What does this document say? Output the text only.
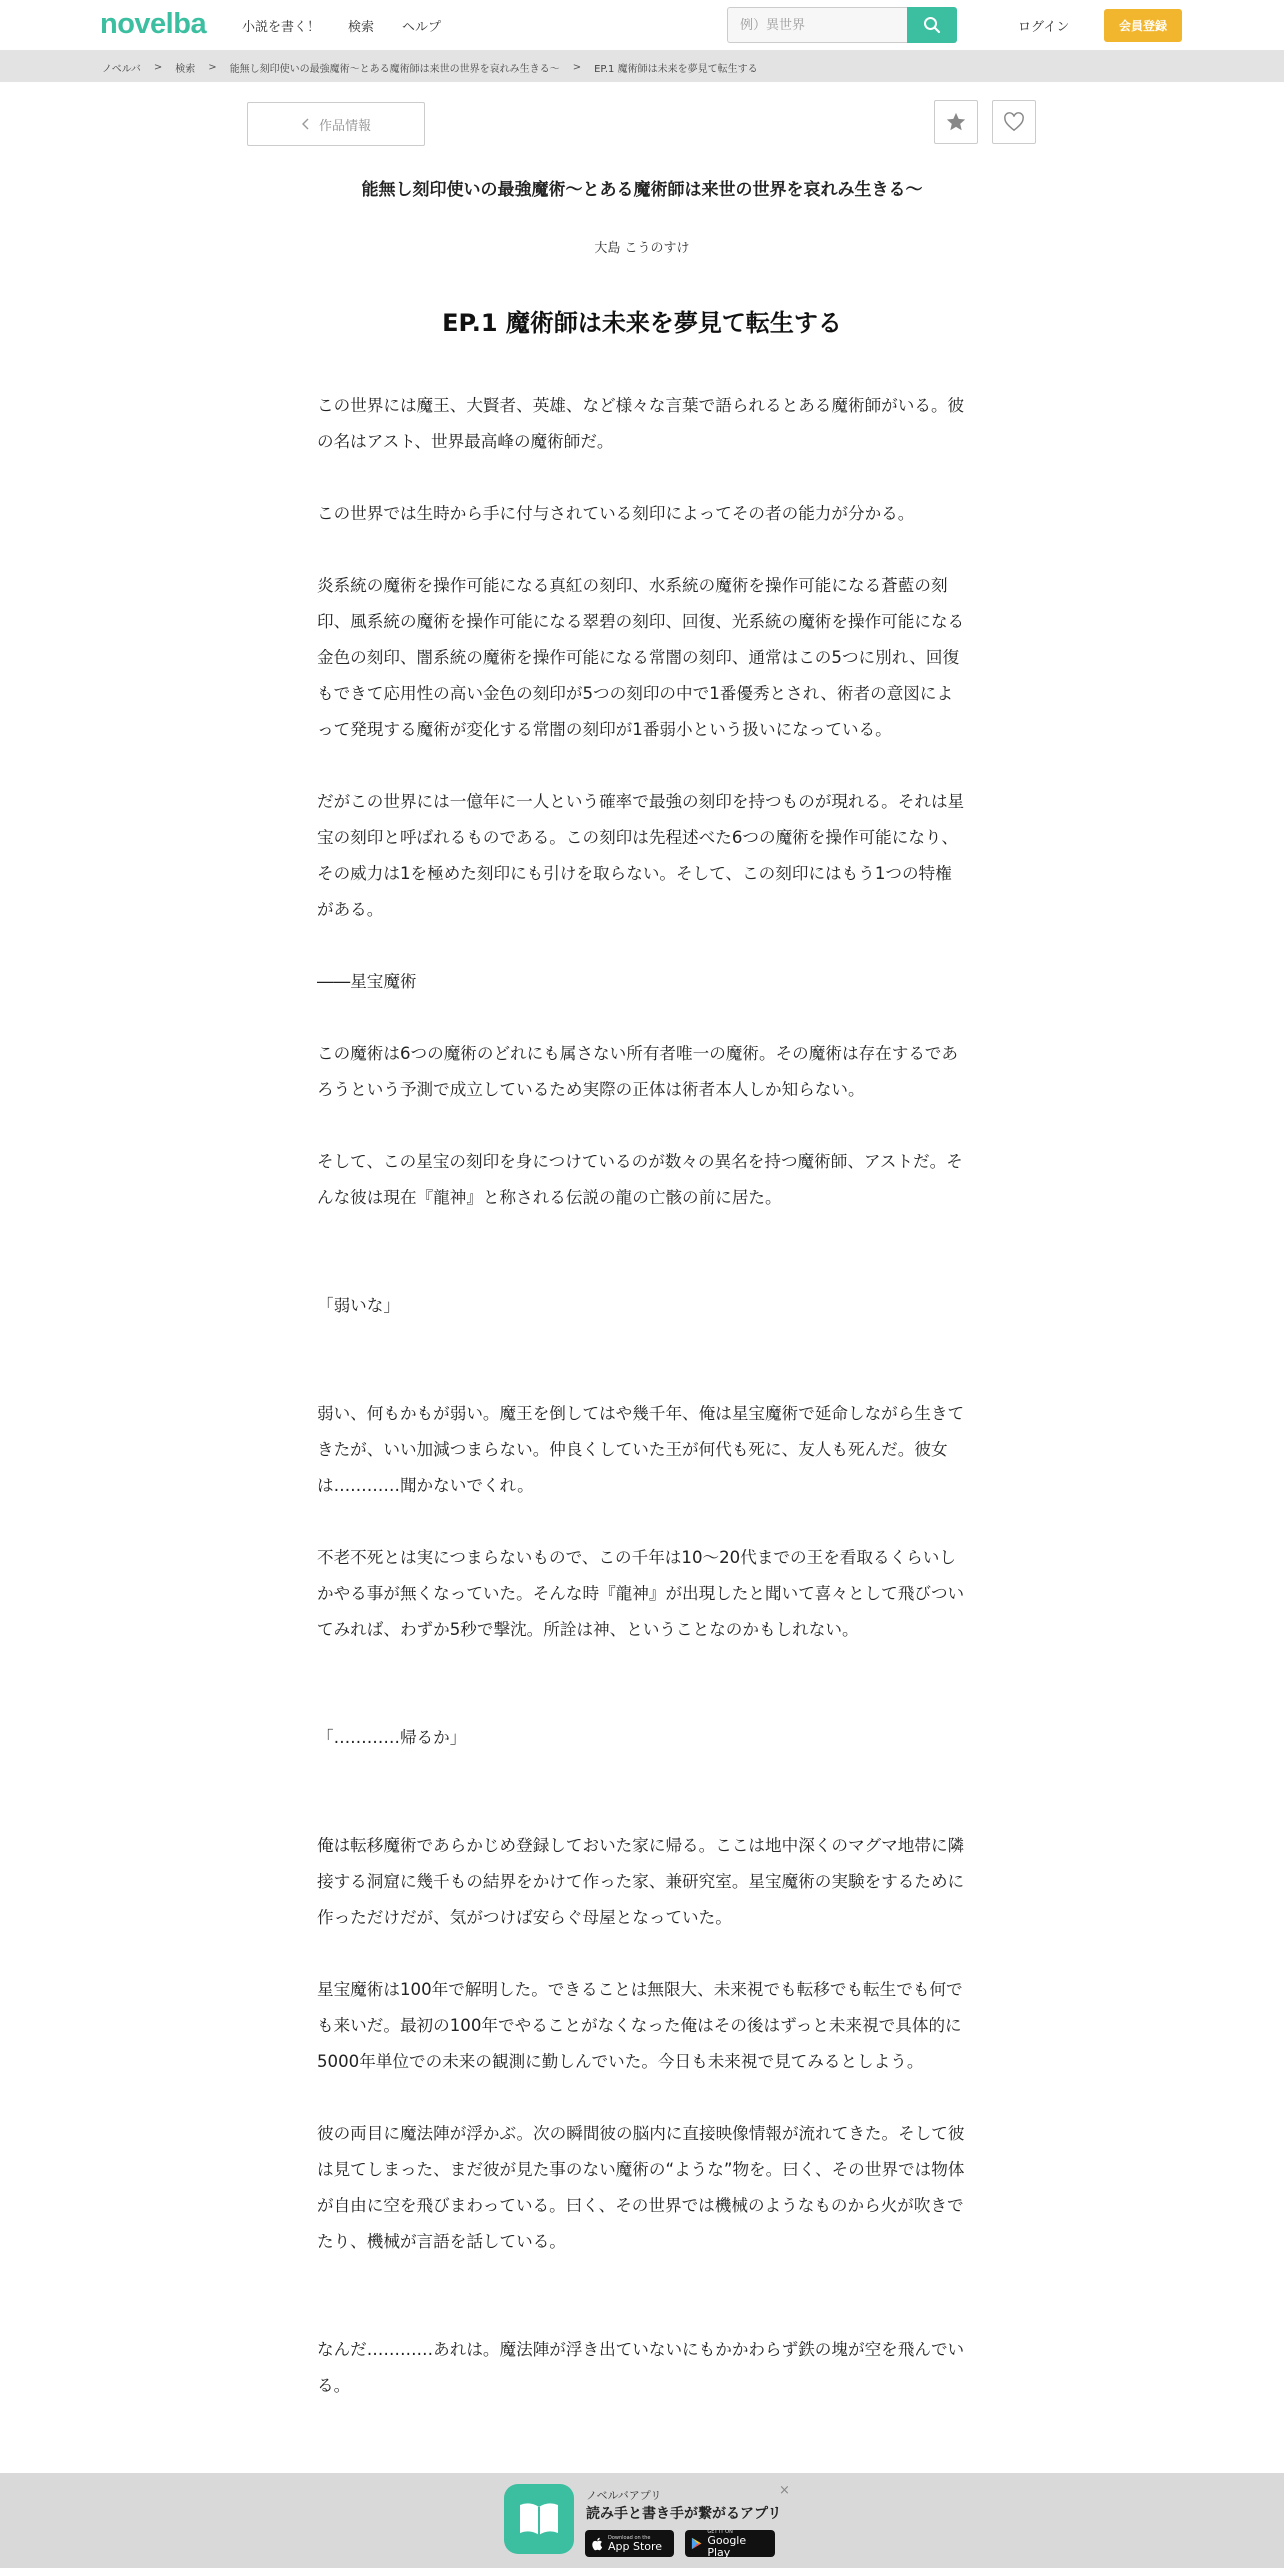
novelba	小説を書く！ 検索 ヘルプ
例）異世界	ログイン	会員登録
ノベルバ > 検索 > 能無し刻印使いの最強魔術〜とある魔術師は来世の世界を哀れみ生きる〜 > EP.1 魔術師は未来を夢見て転生する
作品情報
能無し刻印使いの最強魔術〜とある魔術師は来世の世界を哀れみ生きる〜
大島 こうのすけ
EP.1 魔術師は未来を夢見て転生する

この世界には魔王、大賢者、英雄、など様々な言葉で語られるとある魔術師がいる。彼の名はアスト、世界最高峰の魔術師だ。

この世界では生時から手に付与されている刻印によってその者の能力が分かる。

炎系統の魔術を操作可能になる真紅の刻印、水系統の魔術を操作可能になる蒼藍の刻印、風系統の魔術を操作可能になる翠碧の刻印、回復、光系統の魔術を操作可能になる金色の刻印、闇系統の魔術を操作可能になる常闇の刻印、通常はこの5つに別れ、回復もできて応用性の高い金色の刻印が5つの刻印の中で1番優秀とされ、術者の意図によって発現する魔術が変化する常闇の刻印が1番弱小という扱いになっている。

だがこの世界には一億年に一人という確率で最強の刻印を持つものが現れる。それは星宝の刻印と呼ばれるものである。この刻印は先程述べた6つの魔術を操作可能になり、その威力は1を極めた刻印にも引けを取らない。そして、この刻印にはもう1つの特権がある。

――星宝魔術

この魔術は6つの魔術のどれにも属さない所有者唯一の魔術。その魔術は存在するであろうという予測で成立しているため実際の正体は術者本人しか知らない。

そして、この星宝の刻印を身につけているのが数々の異名を持つ魔術師、アストだ。そんな彼は現在『龍神』と称される伝説の龍の亡骸の前に居た。

「弱いな」

弱い、何もかもが弱い。魔王を倒してはや幾千年、俺は星宝魔術で延命しながら生きてきたが、いい加減つまらない。仲良くしていた王が何代も死に、友人も死んだ。彼女は…………聞かないでくれ。

不老不死とは実につまらないもので、この千年は10～20代までの王を看取るくらいしかやる事が無くなっていた。そんな時『龍神』が出現したと聞いて喜々として飛びついてみれば、わずか5秒で撃沈。所詮は神、ということなのかもしれない。

「…………帰るか」

俺は転移魔術であらかじめ登録しておいた家に帰る。ここは地中深くのマグマ地帯に隣接する洞窟に幾千もの結界をかけて作った家、兼研究室。星宝魔術の実験をするために作っただけだが、気がつけば安らぐ母屋となっていた。

星宝魔術は100年で解明した。できることは無限大、未来視でも転移でも転生でも何でも来いだ。最初の100年でやることがなくなった俺はその後はずっと未来視で具体的に5000年単位での未来の観測に勤しんでいた。今日も未来視で見てみるとしよう。

彼の両目に魔法陣が浮かぶ。次の瞬間彼の脳内に直接映像情報が流れてきた。そして彼は見てしまった、まだ彼が見た事のない魔術の“ような”物を。曰く、その世界では物体が自由に空を飛びまわっている。曰く、その世界では機械のようなものから火が吹きでたり、機械が言語を話している。

なんだ…………あれは。魔法陣が浮き出ていないにもかかわらず鉄の塊が空を飛んでいる。

ノベルバアプリ
読み手と書き手が繋がるアプリ
Download on the
App Store
GET IT ON
Google Play
×
